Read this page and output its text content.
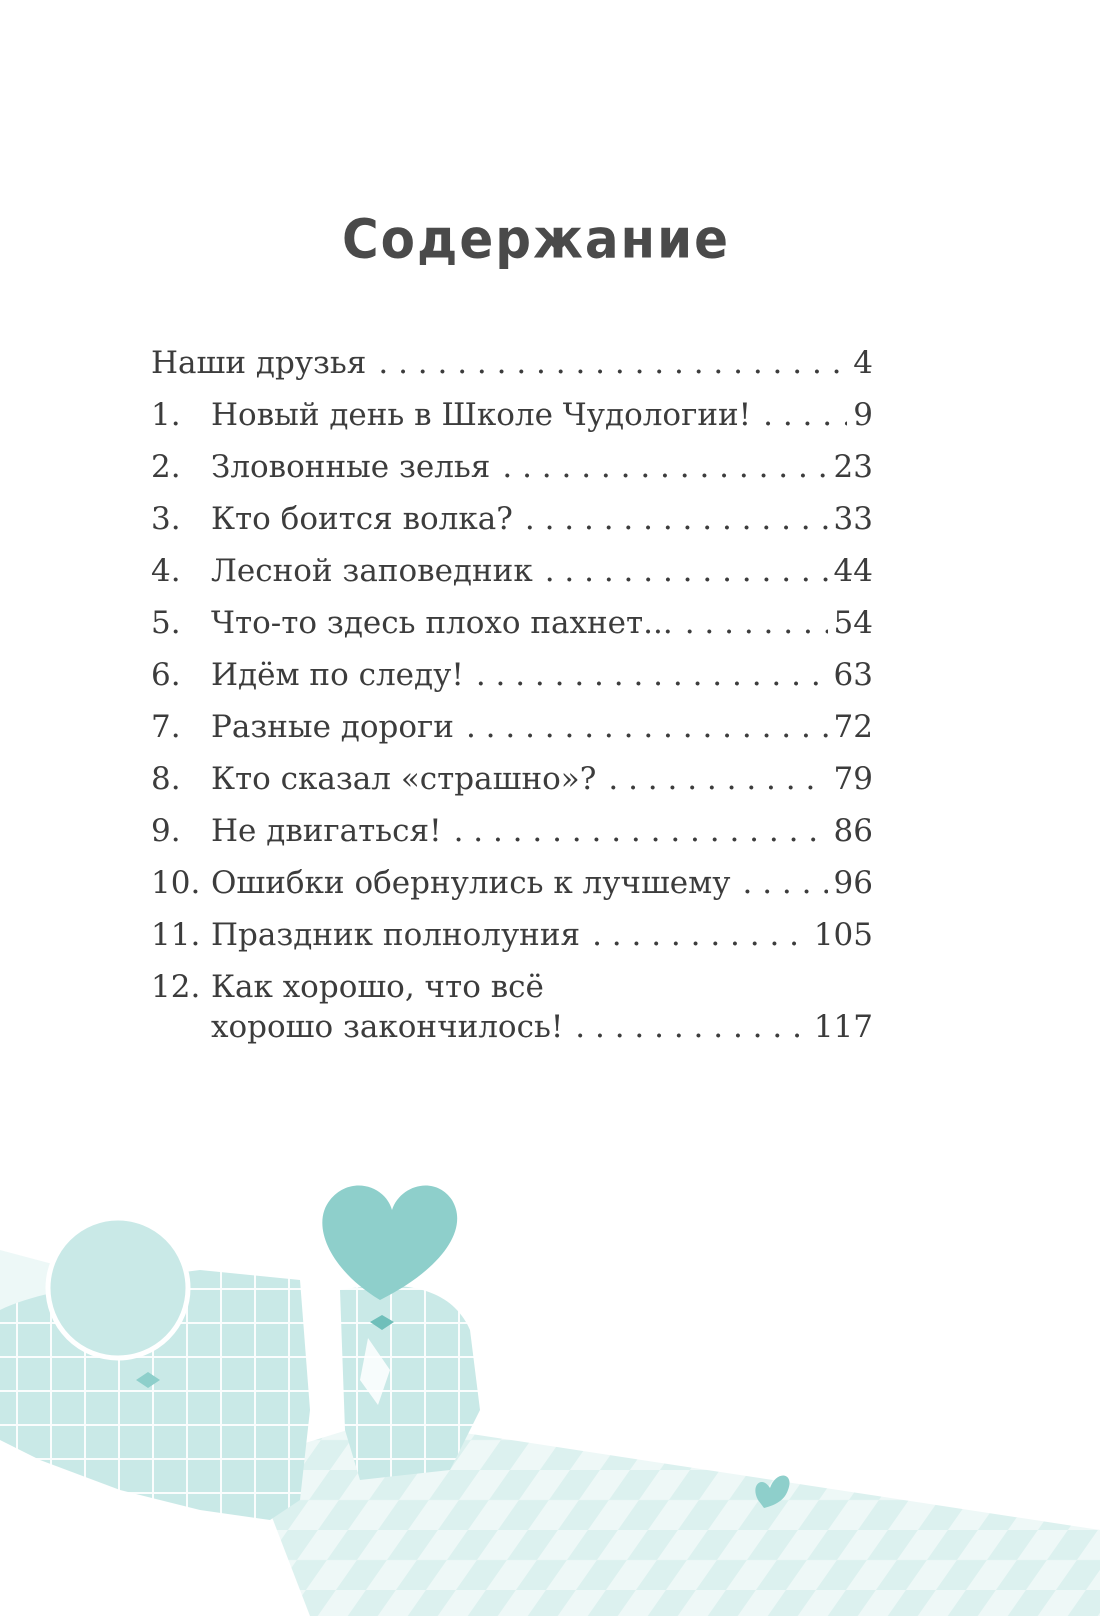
Содержание
Наши друзья . . .	4
1. Новый день в Школе Чудологии! . . .	9
2. Зловонные зелья . . .	23
3. Кто боится волка? . . .	33
4. Лесной заповедник . . .	44
5. Что-то здесь плохо пахнет... . . .	54
6. Идём по следу! . . .	63
7. Разные дороги . . .	72
8. Кто сказал «страшно»? . . .	79
9. Не двигаться! . . .	86
10. Ошибки обернулись к лучшему . . .	96
11. Праздник полнолуния . . .	105
12. Как хорошо, что всё
хорошо закончилось! . . .	117
